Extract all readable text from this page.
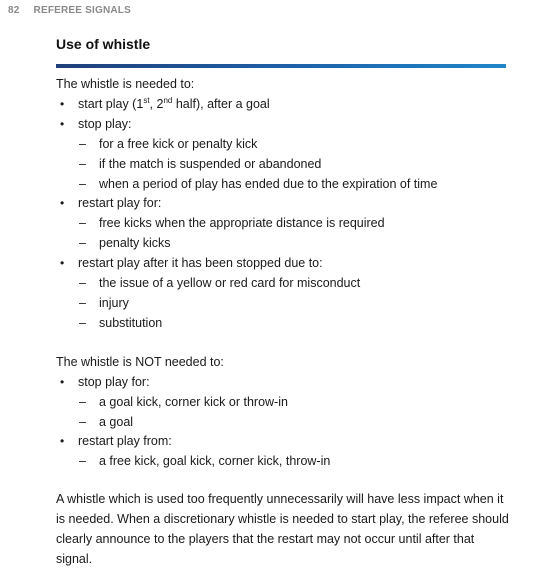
82 REFEREE SIGNALS
Use of whistle

The whistle is needed to:

• start play (1st, 2nd half), after a goal
• stop play:
– for a free kick or penalty kick
– if the match is suspended or abandoned
– when a period of play has ended due to the expiration of time
• restart play for:
– free kicks when the appropriate distance is required
– penalty kicks
• restart play after it has been stopped due to:
– the issue of a yellow or red card for misconduct
– injury
– substitution

The whistle is NOT needed to:

• stop play for:
– a goal kick, corner kick or throw-in
– a goal
• restart play from:
– a free kick, goal kick, corner kick, throw-in

A whistle which is used too frequently unnecessarily will have less impact when it is needed. When a discretionary whistle is needed to start play, the referee should clearly announce to the players that the restart may not occur until after that signal.
